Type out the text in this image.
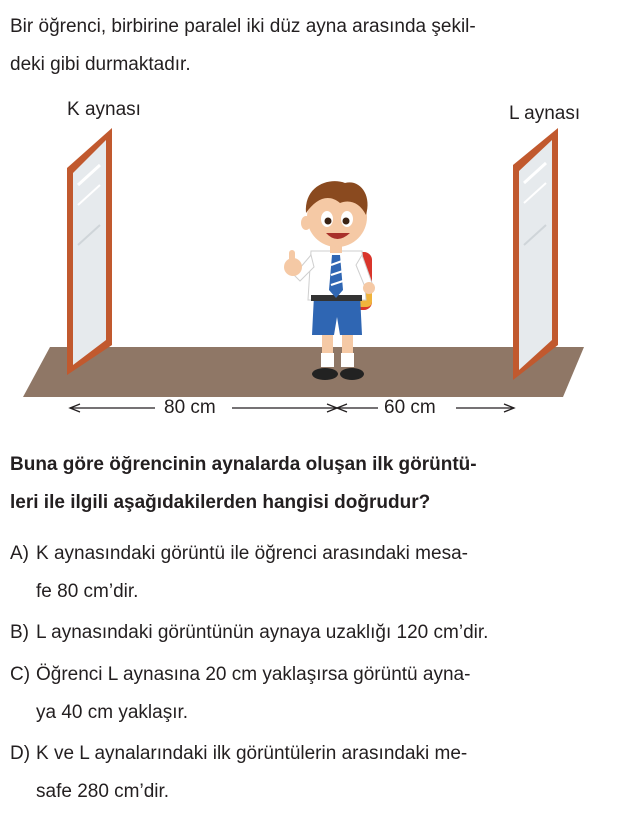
Bir öğrenci, birbirine paralel iki düz ayna arasında şekil-
deki gibi durmaktadır.
K aynası	L aynası
80 cm	60 cm
Buna göre öğrencinin aynalarda oluşan ilk görüntü-
leri ile ilgili aşağıdakilerden hangisi doğrudur?
A) K aynasındaki görüntü ile öğrenci arasındaki mesa-
fe 80 cm’dir.
B) L aynasındaki görüntünün aynaya uzaklığı 120 cm’dir.
C) Öğrenci L aynasına 20 cm yaklaşırsa görüntü ayna-
ya 40 cm yaklaşır.
D) K ve L aynalarındaki ilk görüntülerin arasındaki me-
safe 280 cm’dir.
